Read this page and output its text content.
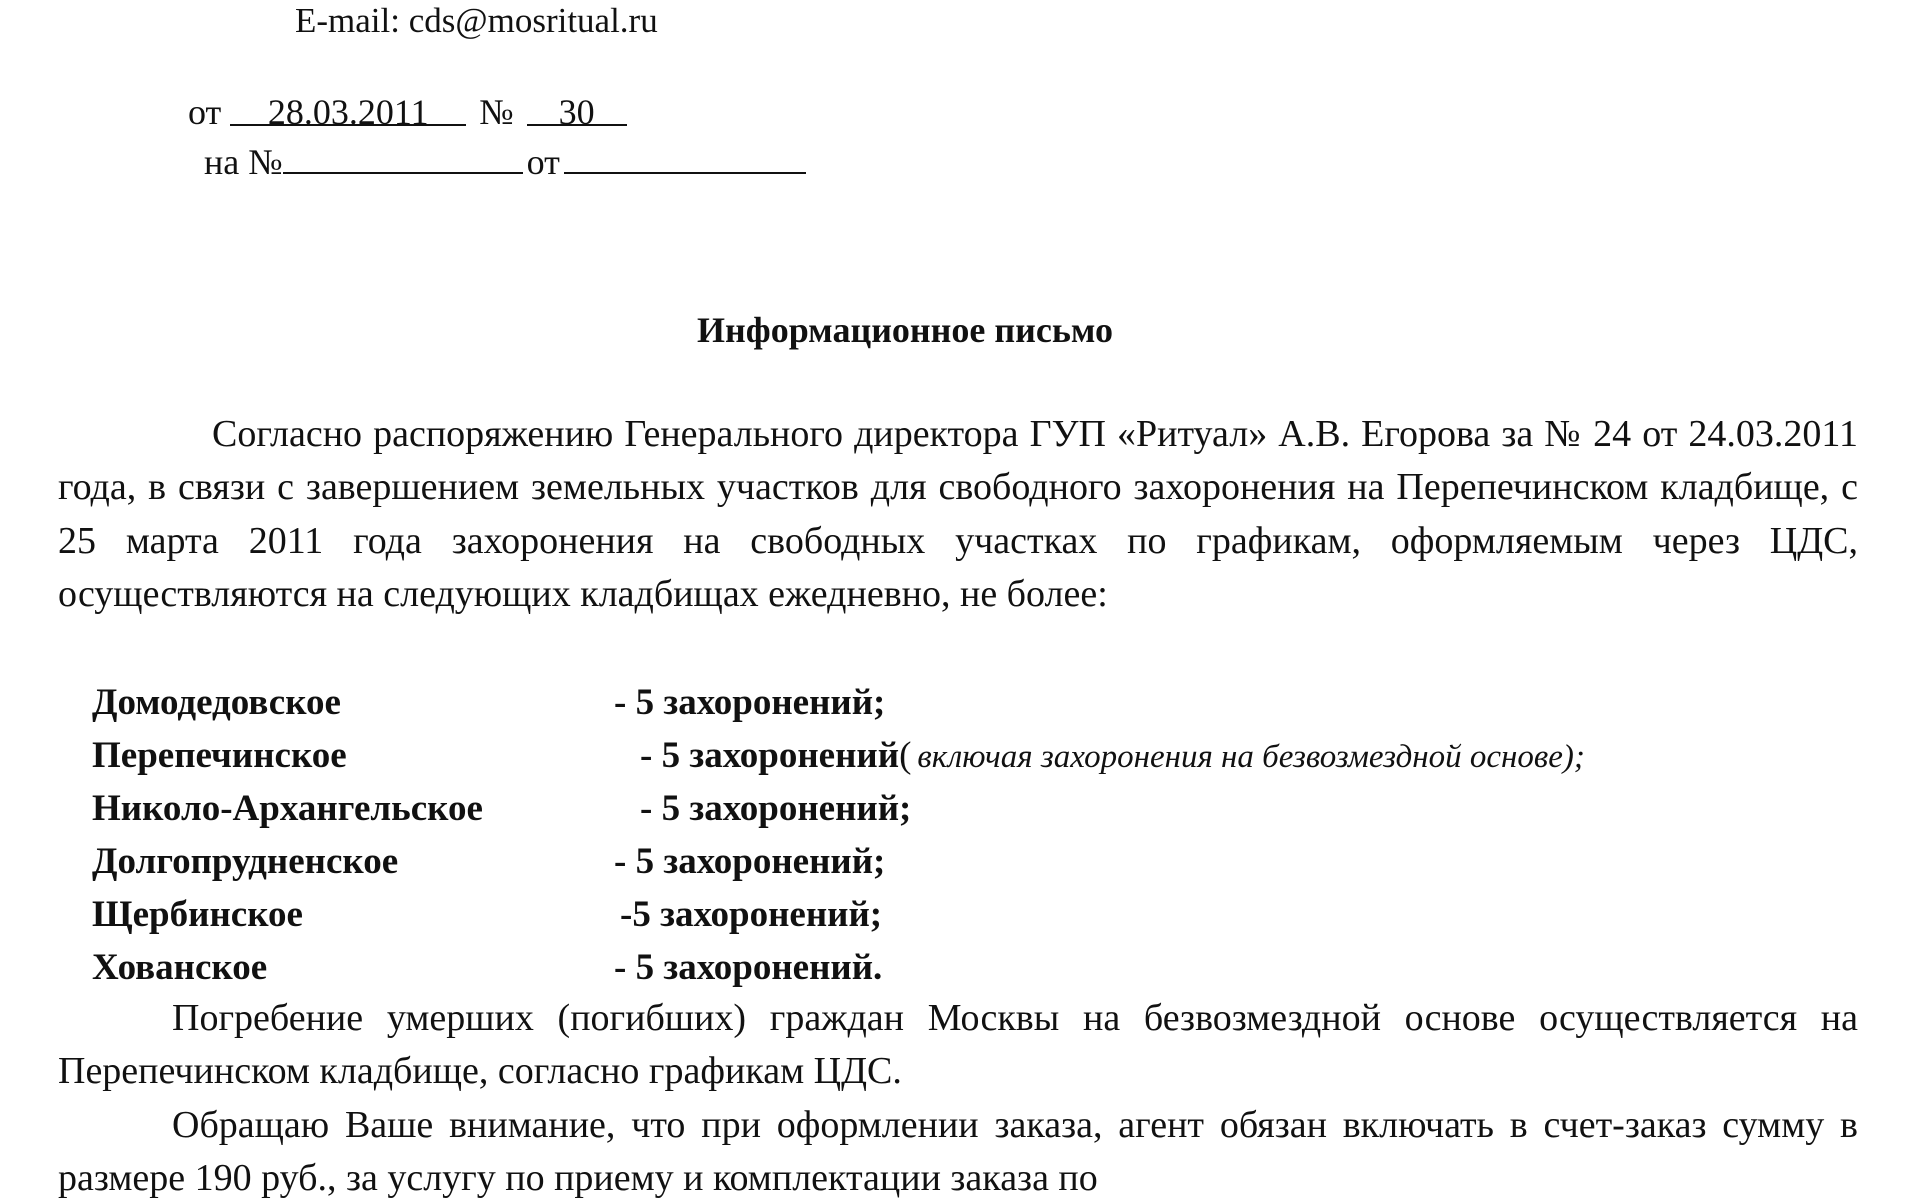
E-mail: cds@mosritual.ru
от 28.03.2011 № 30
на №	от
Информационное письмо
Согласно распоряжению Генерального директора ГУП «Ритуал» А.В. Егорова за № 24 от 24.03.2011 года, в связи с завершением земельных участков для свободного захоронения на Перепечинском кладбище, с 25 марта 2011 года захоронения на свободных участках по графикам, оформляемым через ЦДС, осуществляются на следующих кладбищах ежедневно, не более:
Домодедовское	- 5 захоронений;
Перепечинское	- 5 захоронений( включая захоронения на безвозмездной основе);
Николо-Архангельское	- 5 захоронений;
Долгопрудненское	- 5 захоронений;
Щербинское	-5 захоронений;
Хованское	- 5 захоронений.
Погребение умерших (погибших) граждан Москвы на безвозмездной основе осуществляется на Перепечинском кладбище, согласно графикам ЦДС.
Обращаю Ваше внимание, что при оформлении заказа, агент обязан включать в счет-заказ сумму в размере 190 руб., за услугу по приему и комплектации заказа по
